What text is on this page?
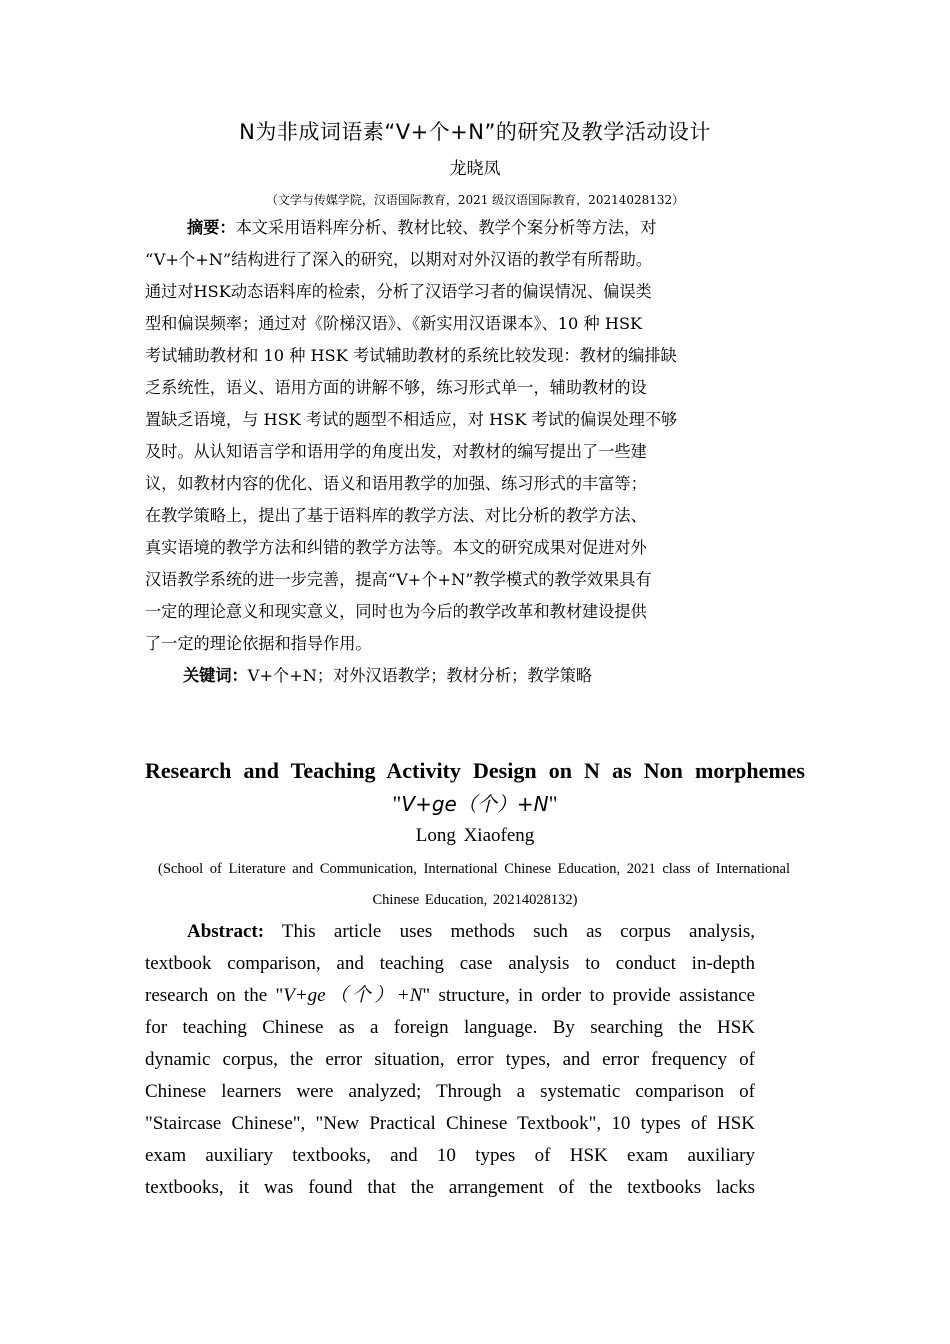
N为非成词语素“V+个+N”的研究及教学活动设计
龙晓凤
（文学与传媒学院，汉语国际教育，2021 级汉语国际教育，20214028132）
摘要：本文采用语料库分析、教材比较、教学个案分析等方法，对
“V+个+N”结构进行了深入的研究，以期对对外汉语的教学有所帮助。
通过对HSK动态语料库的检索，分析了汉语学习者的偏误情况、偏误类
型和偏误频率；通过对《阶梯汉语》、《新实用汉语课本》、10 种 HSK
考试辅助教材和 10 种 HSK 考试辅助教材的系统比较发现：教材的编排缺
乏系统性，语义、语用方面的讲解不够，练习形式单一，辅助教材的设
置缺乏语境，与 HSK 考试的题型不相适应，对 HSK 考试的偏误处理不够
及时。从认知语言学和语用学的角度出发，对教材的编写提出了一些建
议，如教材内容的优化、语义和语用教学的加强、练习形式的丰富等；
在教学策略上，提出了基于语料库的教学方法、对比分析的教学方法、
真实语境的教学方法和纠错的教学方法等。本文的研究成果对促进对外
汉语教学系统的进一步完善，提高“V+个+N”教学模式的教学效果具有
一定的理论意义和现实意义，同时也为今后的教学改革和教材建设提供
了一定的理论依据和指导作用。
关键词：V+个+N；对外汉语教学；教材分析；教学策略
Research and Teaching Activity Design on N as Non morphemes
"V+ge（个）+N"
Long Xiaofeng
(School of Literature and Communication, International Chinese Education, 2021 class of International
Chinese Education, 20214028132)
Abstract: This article uses methods such as corpus analysis,
textbook comparison, and teaching case analysis to conduct in-depth
research on the "V+ge（个）+N" structure, in order to provide assistance
for teaching Chinese as a foreign language. By searching the HSK
dynamic corpus, the error situation, error types, and error frequency of
Chinese learners were analyzed; Through a systematic comparison of
"Staircase Chinese", "New Practical Chinese Textbook", 10 types of HSK
exam auxiliary textbooks, and 10 types of HSK exam auxiliary
textbooks, it was found that the arrangement of the textbooks lacks
